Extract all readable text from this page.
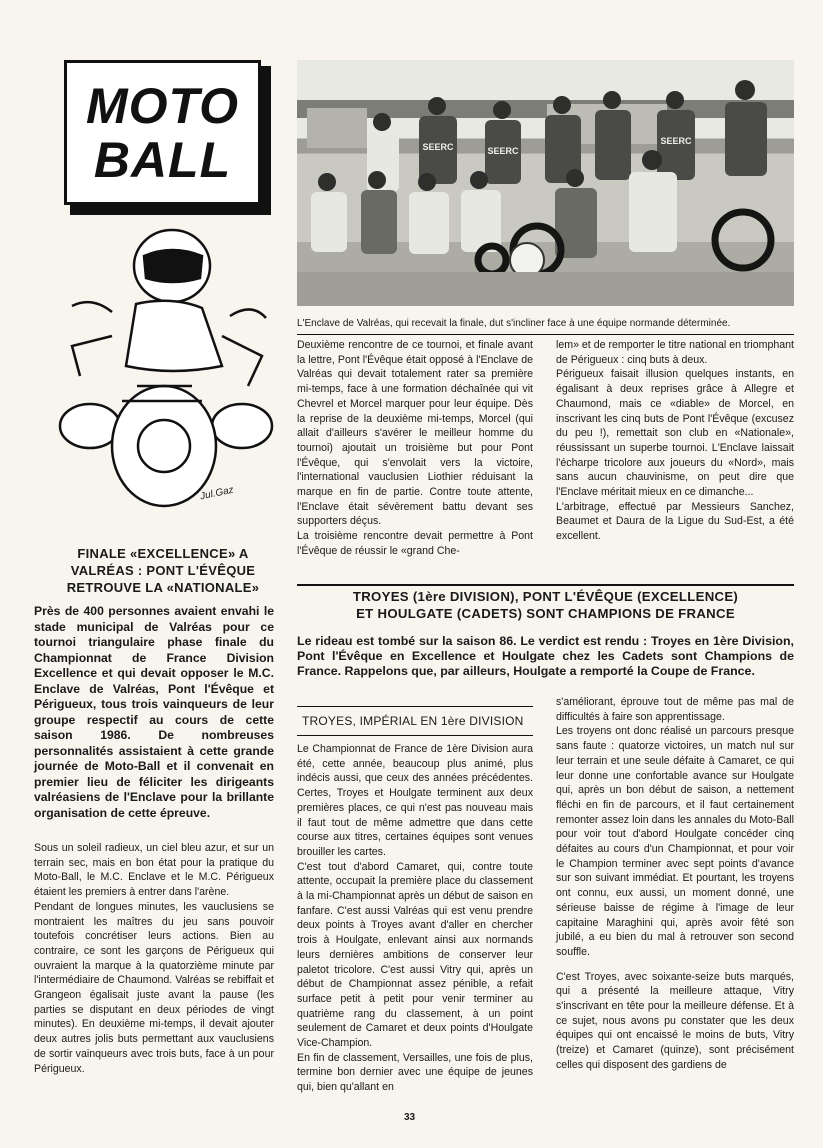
MOTO
BALL	SEERC	SEERC
SEERC
L'Enclave de Valréas, qui recevait la finale, dut s'incliner face à une équipe normande déterminée.
Jul.Gaz
FINALE «EXCELLENCE» A
VALRÉAS : PONT L'ÉVÊQUE
RETROUVE LA «NATIONALE»
Près de 400 personnes avaient envahi le stade municipal de Valréas pour ce tournoi triangulaire phase finale du Championnat de France Division Excellence et qui devait opposer le M.C. Enclave de Valréas, Pont l'Évêque et Périgueux, tous trois vainqueurs de leur groupe respectif au cours de cette saison 1986. De nombreuses personnalités assistaient à cette grande journée de Moto-Ball et il convenait en premier lieu de féliciter les dirigeants valréasiens de l'Enclave pour la brillante organisation de cette épreuve.

Sous un soleil radieux, un ciel bleu azur, et sur un terrain sec, mais en bon état pour la pratique du Moto-Ball, le M.C. Enclave et le M.C. Périgueux étaient les premiers à entrer dans l'arène.

Pendant de longues minutes, les vauclusiens se montraient les maîtres du jeu sans pouvoir toutefois concrétiser leurs actions. Bien au contraire, ce sont les garçons de Périgueux qui ouvraient la marque à la quatorzième minute par l'intermédiaire de Chaumond. Valréas se rebiffait et Grangeon égalisait juste avant la pause (les parties se disputant en deux périodes de vingt minutes). En deuxième mi-temps, il devait ajouter deux autres jolis buts permettant aux vauclusiens de sortir vainqueurs avec trois buts, face à un pour Périgueux.

Deuxième rencontre de ce tournoi, et finale avant la lettre, Pont l'Évêque était opposé à l'Enclave de Valréas qui devait totalement rater sa première mi-temps, face à une formation déchaînée qui vit Chevrel et Morcel marquer pour leur équipe. Dès la reprise de la deuxième mi-temps, Morcel (qui allait d'ailleurs s'avérer le meilleur homme du tournoi) ajoutait un troisième but pour Pont l'Évêque, qui s'envolait vers la victoire, l'international vauclusien Liothier réduisant la marque en fin de partie. Contre toute attente, l'Enclave était sévèrement battu devant ses supporters déçus.

La troisième rencontre devait permettre à Pont l'Évêque de réussir le «grand Che-

lem» et de remporter le titre national en triomphant de Périgueux : cinq buts à deux.

Périgueux faisait illusion quelques instants, en égalisant à deux reprises grâce à Allegre et Chaumond, mais ce «diable» de Morcel, en inscrivant les cinq buts de Pont l'Évêque (excusez du peu !), remettait son club en «Nationale», réussissant un superbe tournoi. L'Enclave laissait l'écharpe tricolore aux joueurs du «Nord», mais sans aucun chauvinisme, on peut dire que l'Enclave méritait mieux en ce dimanche...

L'arbitrage, effectué par Messieurs Sanchez, Beaumet et Daura de la Ligue du Sud-Est, a été excellent.

TROYES (1ère DIVISION), PONT L'ÉVÊQUE (EXCELLENCE)
ET HOULGATE (CADETS) SONT CHAMPIONS DE FRANCE
Le rideau est tombé sur la saison 86. Le verdict est rendu : Troyes en 1ère Division, Pont l'Évêque en Excellence et Houlgate chez les Cadets sont Champions de France. Rappelons que, par ailleurs, Houlgate a remporté la Coupe de France.
TROYES, IMPÉRIAL EN 1ère DIVISION

Le Championnat de France de 1ère Division aura été, cette année, beaucoup plus animé, plus indécis aussi, que ceux des années précédentes. Certes, Troyes et Houlgate terminent aux deux premières places, ce qui n'est pas nouveau mais il faut tout de même admettre que dans cette course aux titres, certaines équipes sont venues brouiller les cartes.

C'est tout d'abord Camaret, qui, contre toute attente, occupait la première place du classement à la mi-Championnat après un début de saison en fanfare. C'est aussi Valréas qui est venu prendre deux points à Troyes avant d'aller en chercher trois à Houlgate, enlevant ainsi aux normands leurs dernières ambitions de conserver leur paletot tricolore. C'est aussi Vitry qui, après un début de Championnat assez pénible, a refait surface petit à petit pour venir terminer au quatrième rang du classement, à un point seulement de Camaret et deux points d'Houlgate Vice-Champion.

En fin de classement, Versailles, une fois de plus, termine bon dernier avec une équipe de jeunes qui, bien qu'allant en

s'améliorant, éprouve tout de même pas mal de difficultés à faire son apprentissage.

Les troyens ont donc réalisé un parcours presque sans faute : quatorze victoires, un match nul sur leur terrain et une seule défaite à Camaret, ce qui leur donne une confortable avance sur Houlgate qui, après un bon début de saison, a nettement fléchi en fin de parcours, et il faut certainement remonter assez loin dans les annales du Moto-Ball pour voir tout d'abord Houlgate concéder cinq défaites au cours d'un Championnat, et pour voir le Champion terminer avec sept points d'avance sur son suivant immédiat. Et pourtant, les troyens ont connu, eux aussi, un moment donné, une sérieuse baisse de régime à l'image de leur capitaine Maraghini qui, après avoir fêté son jubilé, a eu bien du mal à retrouver son second souffle.

C'est Troyes, avec soixante-seize buts marqués, qui a présenté la meilleure attaque, Vitry s'inscrivant en tête pour la meilleure défense. Et à ce sujet, nous avons pu constater que les deux équipes qui ont encaissé le moins de buts, Vitry (treize) et Camaret (quinze), sont précisément celles qui disposent des gardiens de

33
